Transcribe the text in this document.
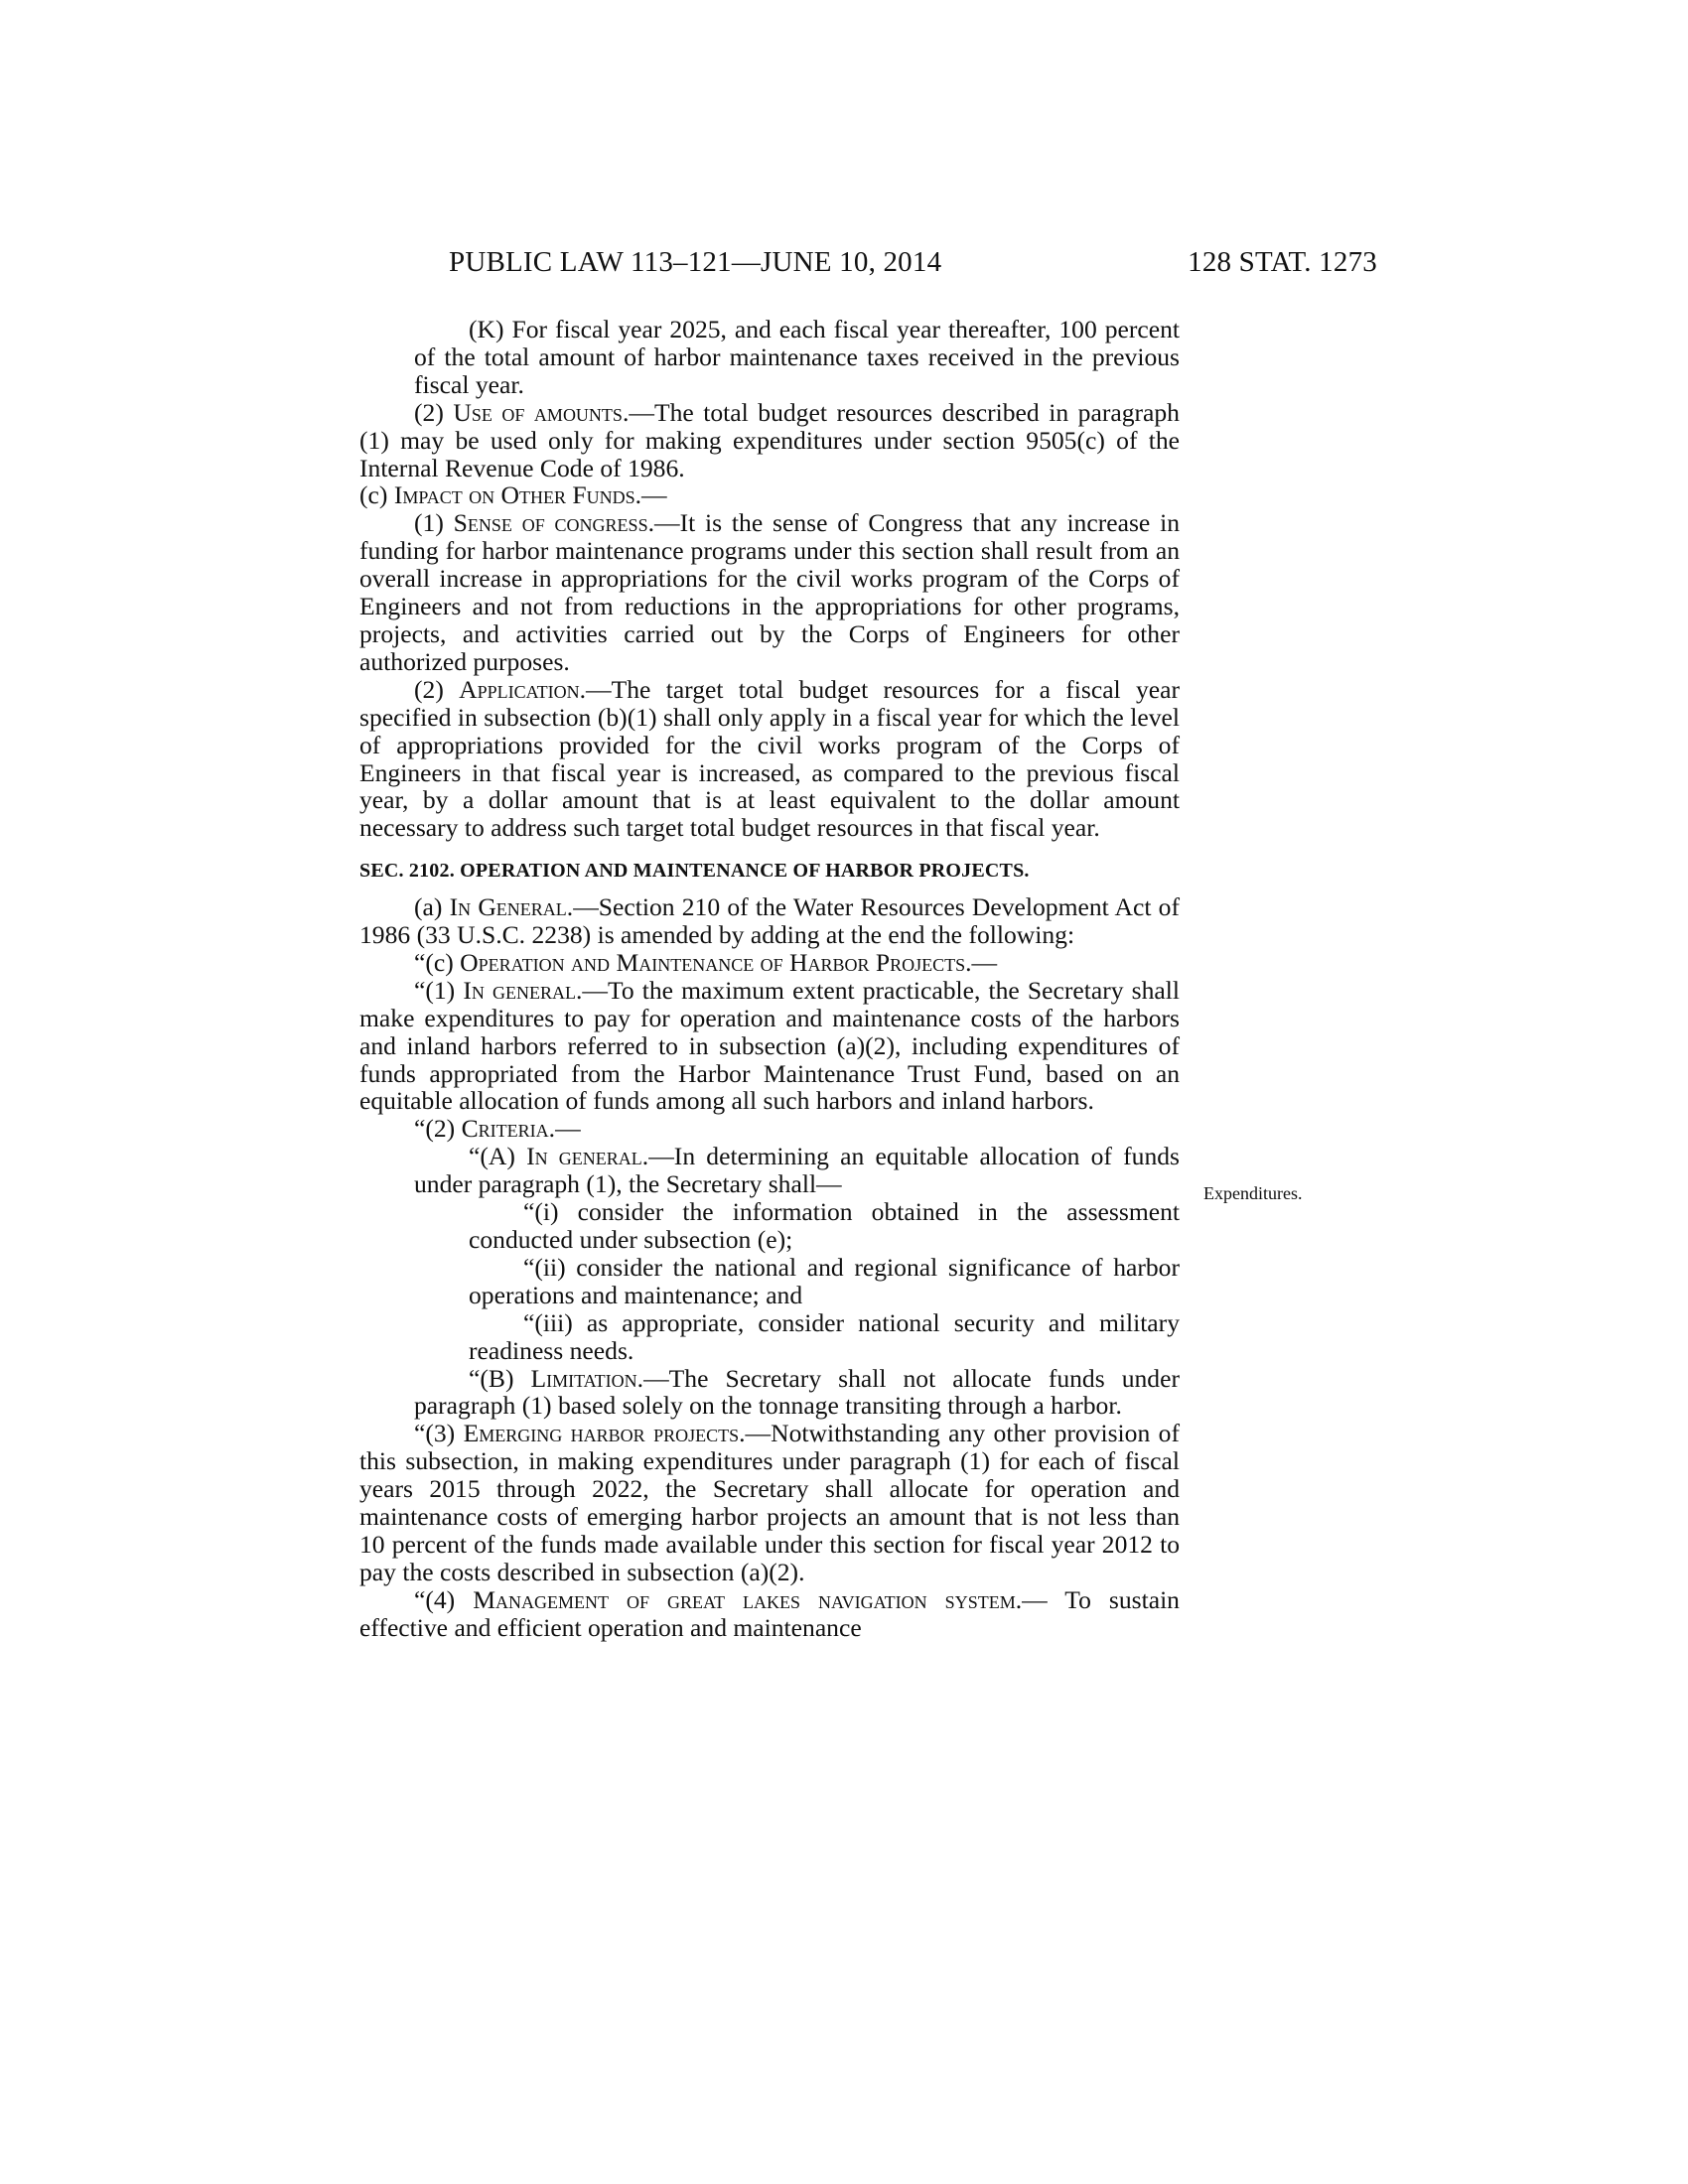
PUBLIC LAW 113–121—JUNE 10, 2014	128 STAT. 1273

(K) For fiscal year 2025, and each fiscal year thereafter, 100 percent of the total amount of harbor maintenance taxes received in the previous fiscal year.

(2) Use of amounts.—The total budget resources described in paragraph (1) may be used only for making expenditures under section 9505(c) of the Internal Revenue Code of 1986.

(c) Impact on Other Funds.—

(1) Sense of congress.—It is the sense of Congress that any increase in funding for harbor maintenance programs under this section shall result from an overall increase in appropriations for the civil works program of the Corps of Engineers and not from reductions in the appropriations for other programs, projects, and activities carried out by the Corps of Engineers for other authorized purposes.

(2) Application.—The target total budget resources for a fiscal year specified in subsection (b)(1) shall only apply in a fiscal year for which the level of appropriations provided for the civil works program of the Corps of Engineers in that fiscal year is increased, as compared to the previous fiscal year, by a dollar amount that is at least equivalent to the dollar amount necessary to address such target total budget resources in that fiscal year.

SEC. 2102. OPERATION AND MAINTENANCE OF HARBOR PROJECTS.

(a) In General.—Section 210 of the Water Resources Development Act of 1986 (33 U.S.C. 2238) is amended by adding at the end the following:

“(c) Operation and Maintenance of Harbor Projects.—

“(1) In general.—To the maximum extent practicable, the Secretary shall make expenditures to pay for operation and maintenance costs of the harbors and inland harbors referred to in subsection (a)(2), including expenditures of funds appropriated from the Harbor Maintenance Trust Fund, based on an equitable allocation of funds among all such harbors and inland harbors.

“(2) Criteria.—

“(A) In general.—In determining an equitable allocation of funds under paragraph (1), the Secretary shall—

“(i) consider the information obtained in the assessment conducted under subsection (e);

“(ii) consider the national and regional significance of harbor operations and maintenance; and

“(iii) as appropriate, consider national security and military readiness needs.

“(B) Limitation.—The Secretary shall not allocate funds under paragraph (1) based solely on the tonnage transiting through a harbor.

“(3) Emerging harbor projects.—Notwithstanding any other provision of this subsection, in making expenditures under paragraph (1) for each of fiscal years 2015 through 2022, the Secretary shall allocate for operation and maintenance costs of emerging harbor projects an amount that is not less than 10 percent of the funds made available under this section for fiscal year 2012 to pay the costs described in subsection (a)(2).

“(4) Management of great lakes navigation system.— To sustain effective and efficient operation and maintenance

Expenditures.
